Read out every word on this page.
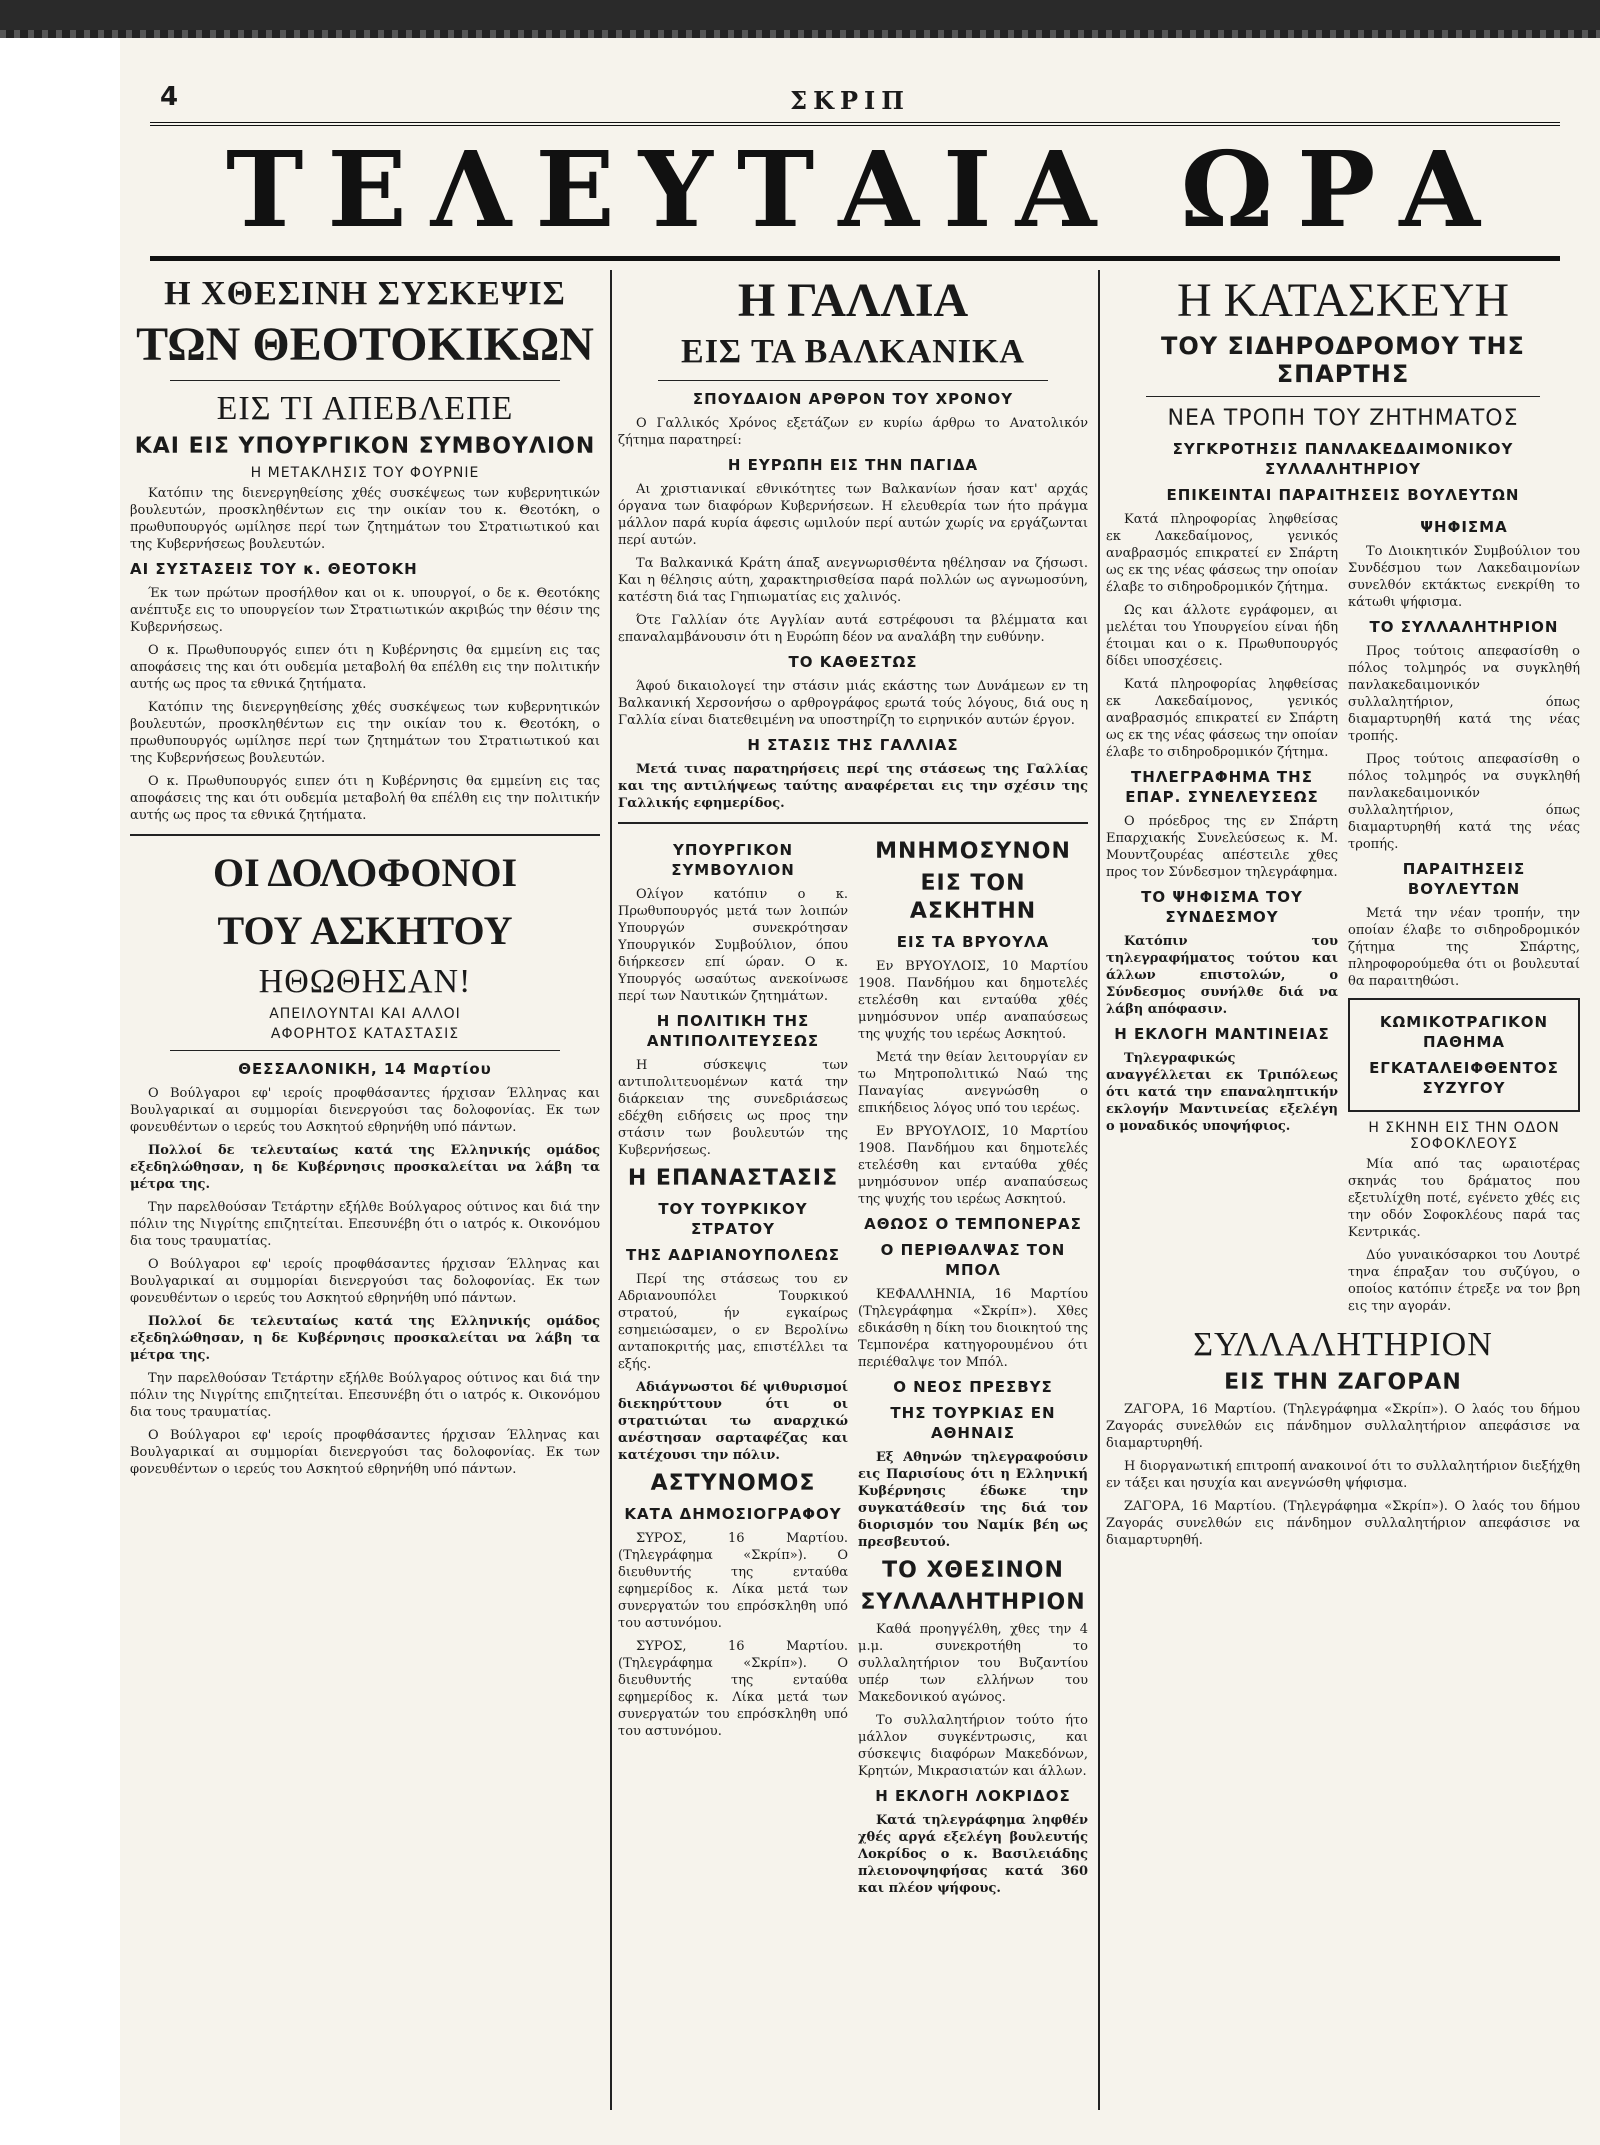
4	ΣΚΡΙΠ
ΤΕΛΕΥΤΑΙΑ ΩΡΑ
Η ΧΘΕΣΙΝΗ ΣΥΣΚΕΨΙΣ
ΤΩΝ ΘΕΟΤΟΚΙΚΩΝ
ΕΙΣ ΤΙ ΑΠΕΒΛΕΠΕ
ΚΑΙ ΕΙΣ ΥΠΟΥΡΓΙΚΟΝ ΣΥΜΒΟΥΛΙΟΝ
Η ΜΕΤΑΚΛΗΣΙΣ ΤΟΥ ΦΟΥΡΝΙΕ

Κατόπιν της διενεργηθείσης χθές συσκέψεως των κυβερνητικών βουλευτών, προσκληθέντων εις την οικίαν του κ. Θεοτόκη, ο πρωθυπουργός ωμίλησε περί των ζητημάτων του Στρατιωτικού και της Κυβερνήσεως βουλευτών.

ΑΙ ΣΥΣΤΑΣΕΙΣ ΤΟΥ κ. ΘΕΟΤΟΚΗ

Έκ των πρώτων προσήλθον και οι κ. υπουργοί, ο δε κ. Θεοτόκης ανέπτυξε εις το υπουργείον των Στρατιωτικών ακριβώς την θέσιν της Κυβερνήσεως.

Ο κ. Πρωθυπουργός ειπεν ότι η Κυβέρνησις θα εμμείνη εις τας αποφάσεις της και ότι ουδεμία μεταβολή θα επέλθη εις την πολιτικήν αυτής ως προς τα εθνικά ζητήματα.

Κατόπιν της διενεργηθείσης χθές συσκέψεως των κυβερνητικών βουλευτών, προσκληθέντων εις την οικίαν του κ. Θεοτόκη, ο πρωθυπουργός ωμίλησε περί των ζητημάτων του Στρατιωτικού και της Κυβερνήσεως βουλευτών.

Ο κ. Πρωθυπουργός ειπεν ότι η Κυβέρνησις θα εμμείνη εις τας αποφάσεις της και ότι ουδεμία μεταβολή θα επέλθη εις την πολιτικήν αυτής ως προς τα εθνικά ζητήματα.

ΟΙ ΔΟΛΟΦΟΝΟΙ
ΤΟΥ ΑΣΚΗΤΟΥ
ΗΘΩΘΗΣΑΝ!
ΑΠΕΙΛΟΥΝΤΑΙ ΚΑΙ ΑΛΛΟΙ
ΑΦΟΡΗΤΟΣ ΚΑΤΑΣΤΑΣΙΣ
ΘΕΣΣΑΛΟΝΙΚΗ, 14 Μαρτίου

Ο Βούλγαροι εφ' ιεροίς προφθάσαντες ήρχισαν Έλληνας και Βουλγαρικαί αι συμμορίαι διενεργούσι τας δολοφονίας. Εκ των φονευθέντων ο ιερεύς του Ασκητού εθρηνήθη υπό πάντων.

Πολλοί δε τελευταίως κατά της Ελληνικής ομάδος εξεδηλώθησαν, η δε Κυβέρνησις προσκαλείται να λάβη τα μέτρα της.

Την παρελθούσαν Τετάρτην εξήλθε Βούλγαρος ούτινος και διά την πόλιν της Νιγρίτης επιζητείται. Επεσυνέβη ότι ο ιατρός κ. Οικονόμου δια τους τραυματίας.

Ο Βούλγαροι εφ' ιεροίς προφθάσαντες ήρχισαν Έλληνας και Βουλγαρικαί αι συμμορίαι διενεργούσι τας δολοφονίας. Εκ των φονευθέντων ο ιερεύς του Ασκητού εθρηνήθη υπό πάντων.

Πολλοί δε τελευταίως κατά της Ελληνικής ομάδος εξεδηλώθησαν, η δε Κυβέρνησις προσκαλείται να λάβη τα μέτρα της.

Την παρελθούσαν Τετάρτην εξήλθε Βούλγαρος ούτινος και διά την πόλιν της Νιγρίτης επιζητείται. Επεσυνέβη ότι ο ιατρός κ. Οικονόμου δια τους τραυματίας.

Ο Βούλγαροι εφ' ιεροίς προφθάσαντες ήρχισαν Έλληνας και Βουλγαρικαί αι συμμορίαι διενεργούσι τας δολοφονίας. Εκ των φονευθέντων ο ιερεύς του Ασκητού εθρηνήθη υπό πάντων.

Η ΓΑΛΛΙΑ
ΕΙΣ ΤΑ ΒΑΛΚΑΝΙΚΑ
ΣΠΟΥΔΑΙΟΝ ΑΡΘΡΟΝ ΤΟΥ ΧΡΟΝΟΥ

Ο Γαλλικός Χρόνος εξετάζων εν κυρίω άρθρω το Ανατολικόν ζήτημα παρατηρεί:

Η ΕΥΡΩΠΗ ΕΙΣ ΤΗΝ ΠΑΓΙΔΑ

Αι χριστιανικαί εθνικότητες των Βαλκανίων ήσαν κατ' αρχάς όργανα των διαφόρων Κυβερνήσεων. Η ελευθερία των ήτο πράγμα μάλλον παρά κυρία άφεσις ωμιλούν περί αυτών χωρίς να εργάζωνται περί αυτών.

Τα Βαλκανικά Κράτη άπαξ ανεγνωρισθέντα ηθέλησαν να ζήσωσι. Και η θέλησις αύτη, χαρακτηρισθείσα παρά πολλών ως αγνωμοσύνη, κατέστη διά τας Γηπιωματίας εις χαλινός.

Ότε Γαλλίαν ότε Αγγλίαν αυτά εστρέφουσι τα βλέμματα και επαναλαμβάνουσιν ότι η Ευρώπη δέον να αναλάβη την ευθύνην.

ΤΟ ΚΑΘΕΣΤΩΣ

Άφού δικαιολογεί την στάσιν μιάς εκάστης των Δυνάμεων εν τη Βαλκανική Χερσονήσω ο αρθρογράφος ερωτά τούς λόγους, διά ους η Γαλλία είναι διατεθειμένη να υποστηρίζη το ειρηνικόν αυτών έργον.

Η ΣΤΑΣΙΣ ΤΗΣ ΓΑΛΛΙΑΣ

Μετά τινας παρατηρήσεις περί της στάσεως της Γαλλίας και της αντιλήψεως ταύτης αναφέρεται εις την σχέσιν της Γαλλικής εφημερίδος.

ΥΠΟΥΡΓΙΚΟΝ ΣΥΜΒΟΥΛΙΟΝ

Ολίγον κατόπιν ο κ. Πρωθυπουργός μετά των λοιπών Υπουργών συνεκρότησαν Υπουργικόν Συμβούλιον, όπου διήρκεσεν επί ώραν. Ο κ. Υπουργός ωσαύτως ανεκοίνωσε περί των Ναυτικών ζητημάτων.

Η ΠΟΛΙΤΙΚΗ ΤΗΣ ΑΝΤΙΠΟΛΙΤΕΥΣΕΩΣ

Η σύσκεψις των αντιπολιτευομένων κατά την διάρκειαν της συνεδριάσεως εδέχθη ειδήσεις ως προς την στάσιν των βουλευτών της Κυβερνήσεως.

Η ΕΠΑΝΑΣΤΑΣΙΣ
ΤΟΥ ΤΟΥΡΚΙΚΟΥ ΣΤΡΑΤΟΥ
ΤΗΣ ΑΔΡΙΑΝΟΥΠΟΛΕΩΣ

Περί της στάσεως του εν Αδριανουπόλει Τουρκικού στρατού, ήν εγκαίρως εσημειώσαμεν, ο εν Βερολίνω ανταποκριτής μας, επιστέλλει τα εξής.

Αδιάγνωστοι δέ ψιθυρισμοί διεκηρύττουν ότι οι στρατιώται τω αναρχικώ ανέστησαν σαρταφέζας και κατέχουσι την πόλιν.

ΑΣΤΥΝΟΜΟΣ
ΚΑΤΑ ΔΗΜΟΣΙΟΓΡΑΦΟΥ

ΣΥΡΟΣ, 16 Μαρτίου. (Τηλεγράφημα «Σκρίπ»). Ο διευθυντής της ενταύθα εφημερίδος κ. Λίκα μετά των συνεργατών του επρόσκληθη υπό του αστυνόμου.

ΣΥΡΟΣ, 16 Μαρτίου. (Τηλεγράφημα «Σκρίπ»). Ο διευθυντής της ενταύθα εφημερίδος κ. Λίκα μετά των συνεργατών του επρόσκληθη υπό του αστυνόμου.

ΜΝΗΜΟΣΥΝΟΝ
ΕΙΣ ΤΟΝ ΑΣΚΗΤΗΝ
ΕΙΣ ΤΑ ΒΡΥΟΥΛΑ

Εν ΒΡΥΟΥΛΟΙΣ, 10 Μαρτίου 1908. Πανδήμου και δημοτελές ετελέσθη και ενταύθα χθές μνημόσυνον υπέρ αναπαύσεως της ψυχής του ιερέως Ασκητού.

Μετά την θείαν λειτουργίαν εν τω Μητροπολιτικώ Ναώ της Παναγίας ανεγνώσθη ο επικήδειος λόγος υπό του ιερέως.

Εν ΒΡΥΟΥΛΟΙΣ, 10 Μαρτίου 1908. Πανδήμου και δημοτελές ετελέσθη και ενταύθα χθές μνημόσυνον υπέρ αναπαύσεως της ψυχής του ιερέως Ασκητού.

ΑΘΩΟΣ Ο ΤΕΜΠΟΝΕΡΑΣ
Ο ΠΕΡΙΘΑΛΨΑΣ ΤΟΝ ΜΠΟΛ

ΚΕΦΑΛΛΗΝΙΑ, 16 Μαρτίου (Τηλεγράφημα «Σκρίπ»). Χθες εδικάσθη η δίκη του διοικητού της Τεμπονέρα κατηγορουμένου ότι περιέθαλψε τον Μπόλ.

Ο ΝΕΟΣ ΠΡΕΣΒΥΣ
ΤΗΣ ΤΟΥΡΚΙΑΣ ΕΝ ΑΘΗΝΑΙΣ

Εξ Αθηνών τηλεγραφούσιν εις Παρισίους ότι η Ελληνική Κυβέρνησις έδωκε την συγκατάθεσίν της διά τον διορισμόν του Ναμίκ βέη ως πρεσβευτού.

ΤΟ ΧΘΕΣΙΝΟΝ
ΣΥΛΛΑΛΗΤΗΡΙΟΝ

Καθά προηγγέλθη, χθες την 4 μ.μ. συνεκροτήθη το συλλαλητήριον του Βυζαντίου υπέρ των ελλήνων του Μακεδονικού αγώνος.

Το συλλαλητήριον τούτο ήτο μάλλον συγκέντρωσις, και σύσκεψις διαφόρων Μακεδόνων, Κρητών, Μικρασιατών και άλλων.

Η ΕΚΛΟΓΗ ΛΟΚΡΙΔΟΣ

Κατά τηλεγράφημα ληφθέν χθές αργά εξελέγη βουλευτής Λοκρίδος ο κ. Βασιλειάδης πλειονοψηφήσας κατά 360 και πλέον ψήφους.

Η ΚΑΤΑΣΚΕΥΗ
ΤΟΥ ΣΙΔΗΡΟΔΡΟΜΟΥ ΤΗΣ ΣΠΑΡΤΗΣ
ΝΕΑ ΤΡΟΠΗ ΤΟΥ ΖΗΤΗΜΑΤΟΣ
ΣΥΓΚΡΟΤΗΣΙΣ ΠΑΝΛΑΚΕΔΑΙΜΟΝΙΚΟΥ ΣΥΛΛΑΛΗΤΗΡΙΟΥ
ΕΠΙΚΕΙΝΤΑΙ ΠΑΡΑΙΤΗΣΕΙΣ ΒΟΥΛΕΥΤΩΝ

Κατά πληροφορίας ληφθείσας εκ Λακεδαίμονος, γενικός αναβρασμός επικρατεί εν Σπάρτη ως εκ της νέας φάσεως την οποίαν έλαβε το σιδηροδρομικόν ζήτημα.

Ως και άλλοτε εγράφομεν, αι μελέται του Υπουργείου είναι ήδη έτοιμαι και ο κ. Πρωθυπουργός δίδει υποσχέσεις.

Κατά πληροφορίας ληφθείσας εκ Λακεδαίμονος, γενικός αναβρασμός επικρατεί εν Σπάρτη ως εκ της νέας φάσεως την οποίαν έλαβε το σιδηροδρομικόν ζήτημα.

ΤΗΛΕΓΡΑΦΗΜΑ ΤΗΣ ΕΠΑΡ. ΣΥΝΕΛΕΥΣΕΩΣ

Ο πρόεδρος της εν Σπάρτη Επαρχιακής Συνελεύσεως κ. Μ. Μουντζουρέας απέστειλε χθες προς τον Σύνδεσμον τηλεγράφημα.

ΤΟ ΨΗΦΙΣΜΑ ΤΟΥ ΣΥΝΔΕΣΜΟΥ

Κατόπιν του τηλεγραφήματος τούτου και άλλων επιστολών, ο Σύνδεσμος συνήλθε διά να λάβη απόφασιν.

Η ΕΚΛΟΓΗ ΜΑΝΤΙΝΕΙΑΣ

Τηλεγραφικώς αναγγέλλεται εκ Τριπόλεως ότι κατά την επαναληπτικήν εκλογήν Μαντινείας εξελέγη ο μοναδικός υποψήφιος.

ΨΗΦΙΣΜΑ

Το Διοικητικόν Συμβούλιον του Συνδέσμου των Λακεδαιμονίων συνελθόν εκτάκτως ενεκρίθη το κάτωθι ψήφισμα.

ΤΟ ΣΥΛΛΑΛΗΤΗΡΙΟΝ

Προς τούτοις απεφασίσθη ο πόλος τολμηρός να συγκληθή πανλακεδαιμονικόν συλλαλητήριον, όπως διαμαρτυρηθή κατά της νέας τροπής.

Προς τούτοις απεφασίσθη ο πόλος τολμηρός να συγκληθή πανλακεδαιμονικόν συλλαλητήριον, όπως διαμαρτυρηθή κατά της νέας τροπής.

ΠΑΡΑΙΤΗΣΕΙΣ ΒΟΥΛΕΥΤΩΝ

Μετά την νέαν τροπήν, την οποίαν έλαβε το σιδηροδρομικόν ζήτημα της Σπάρτης, πληροφορούμεθα ότι οι βουλευταί θα παραιτηθώσι.

ΚΩΜΙΚΟΤΡΑΓΙΚΟΝ ΠΑΘΗΜΑ
ΕΓΚΑΤΑΛΕΙΦΘΕΝΤΟΣ ΣΥΖΥΓΟΥ
Η ΣΚΗΝΗ ΕΙΣ ΤΗΝ ΟΔΟΝ ΣΟΦΟΚΛΕΟΥΣ

Μία από τας ωραιοτέρας σκηνάς του δράματος που εξετυλίχθη ποτέ, εγένετο χθές εις την οδόν Σοφοκλέους παρά τας Κεντρικάς.

Δύο γυναικόσαρκοι του Λουτρέ τηνα έπραξαν του συζύγου, ο οποίος κατόπιν έτρεξε να τον βρη εις την αγοράν.

ΣΥΛΛΑΛΗΤΗΡΙΟΝ
ΕΙΣ ΤΗΝ ΖΑΓΟΡΑΝ

ΖΑΓΟΡΑ, 16 Μαρτίου. (Τηλεγράφημα «Σκρίπ»). Ο λαός του δήμου Ζαγοράς συνελθών εις πάνδημον συλλαλητήριον απεφάσισε να διαμαρτυρηθή.

Η διοργανωτική επιτροπή ανακοινοί ότι το συλλαλητήριον διεξήχθη εν τάξει και ησυχία και ανεγνώσθη ψήφισμα.

ΖΑΓΟΡΑ, 16 Μαρτίου. (Τηλεγράφημα «Σκρίπ»). Ο λαός του δήμου Ζαγοράς συνελθών εις πάνδημον συλλαλητήριον απεφάσισε να διαμαρτυρηθή.
